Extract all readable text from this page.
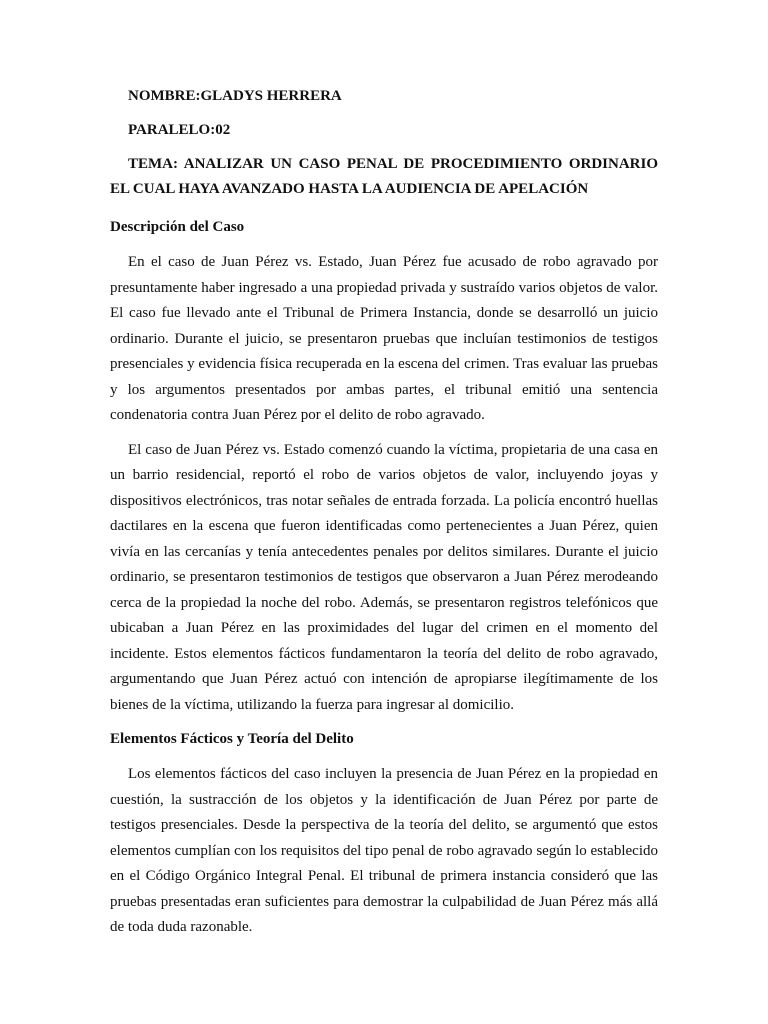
NOMBRE:GLADYS HERRERA

PARALELO:02

TEMA: ANALIZAR UN CASO PENAL DE PROCEDIMIENTO ORDINARIO EL CUAL HAYA AVANZADO HASTA LA AUDIENCIA DE APELACIÓN

Descripción del Caso

En el caso de Juan Pérez vs. Estado, Juan Pérez fue acusado de robo agravado por presuntamente haber ingresado a una propiedad privada y sustraído varios objetos de valor. El caso fue llevado ante el Tribunal de Primera Instancia, donde se desarrolló un juicio ordinario. Durante el juicio, se presentaron pruebas que incluían testimonios de testigos presenciales y evidencia física recuperada en la escena del crimen. Tras evaluar las pruebas y los argumentos presentados por ambas partes, el tribunal emitió una sentencia condenatoria contra Juan Pérez por el delito de robo agravado.

El caso de Juan Pérez vs. Estado comenzó cuando la víctima, propietaria de una casa en un barrio residencial, reportó el robo de varios objetos de valor, incluyendo joyas y dispositivos electrónicos, tras notar señales de entrada forzada. La policía encontró huellas dactilares en la escena que fueron identificadas como pertenecientes a Juan Pérez, quien vivía en las cercanías y tenía antecedentes penales por delitos similares. Durante el juicio ordinario, se presentaron testimonios de testigos que observaron a Juan Pérez merodeando cerca de la propiedad la noche del robo. Además, se presentaron registros telefónicos que ubicaban a Juan Pérez en las proximidades del lugar del crimen en el momento del incidente. Estos elementos fácticos fundamentaron la teoría del delito de robo agravado, argumentando que Juan Pérez actuó con intención de apropiarse ilegítimamente de los bienes de la víctima, utilizando la fuerza para ingresar al domicilio.

Elementos Fácticos y Teoría del Delito

Los elementos fácticos del caso incluyen la presencia de Juan Pérez en la propiedad en cuestión, la sustracción de los objetos y la identificación de Juan Pérez por parte de testigos presenciales. Desde la perspectiva de la teoría del delito, se argumentó que estos elementos cumplían con los requisitos del tipo penal de robo agravado según lo establecido en el Código Orgánico Integral Penal. El tribunal de primera instancia consideró que las pruebas presentadas eran suficientes para demostrar la culpabilidad de Juan Pérez más allá de toda duda razonable.
